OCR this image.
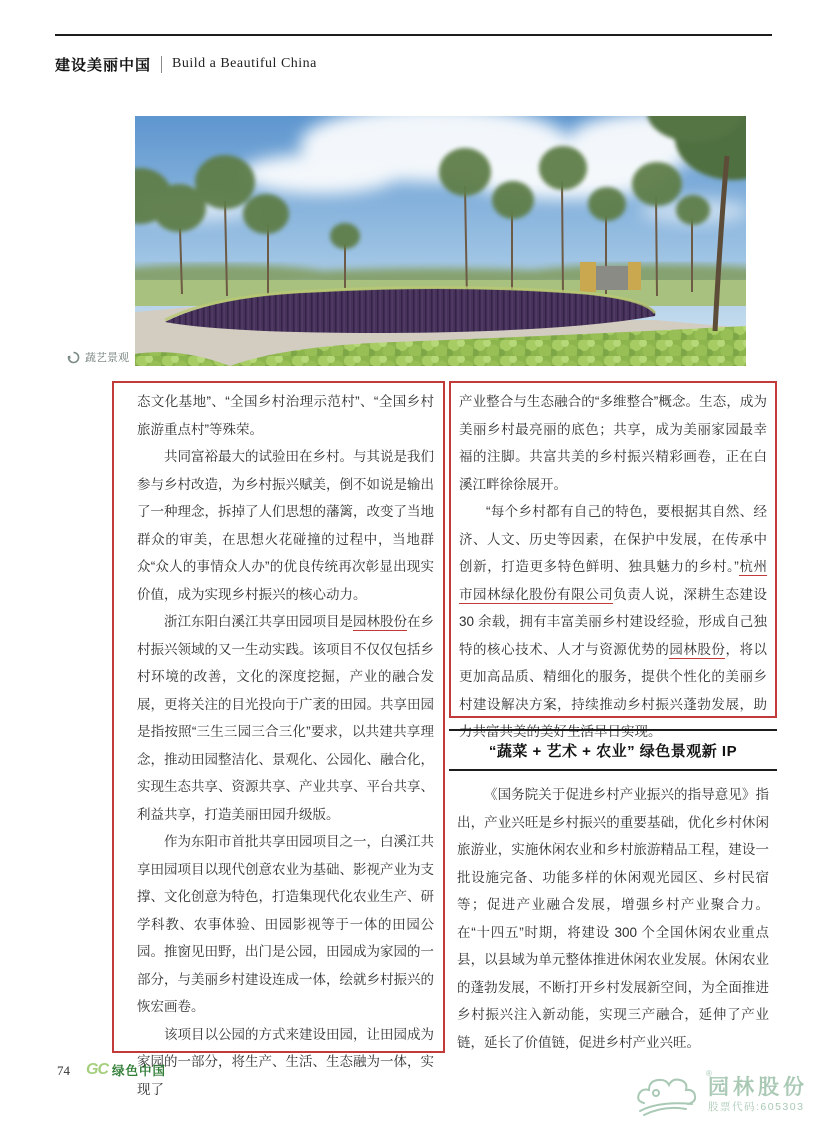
建设美丽中国 Build a Beautiful China
蔬艺景观
态文化基地”、“全国乡村治理示范村”、“全国乡村旅游重点村”等殊荣。
共同富裕最大的试验田在乡村。与其说是我们参与乡村改造，为乡村振兴赋美，倒不如说是输出了一种理念，拆掉了人们思想的藩篱，改变了当地群众的审美，在思想火花碰撞的过程中，当地群众“众人的事情众人办”的优良传统再次彰显出现实价值，成为实现乡村振兴的核心动力。
浙江东阳白溪江共享田园项目是园林股份在乡村振兴领域的又一生动实践。该项目不仅仅包括乡村环境的改善，文化的深度挖掘，产业的融合发展，更将关注的目光投向于广袤的田园。共享田园是指按照“三生三园三合三化”要求，以共建共享理念，推动田园整洁化、景观化、公园化、融合化，实现生态共享、资源共享、产业共享、平台共享、利益共享，打造美丽田园升级版。
作为东阳市首批共享田园项目之一，白溪江共享田园项目以现代创意农业为基础、影视产业为支撑、文化创意为特色，打造集现代化农业生产、研学科教、农事体验、田园影视等于一体的田园公园。推窗见田野，出门是公园，田园成为家园的一部分，与美丽乡村建设连成一体，绘就乡村振兴的恢宏画卷。
该项目以公园的方式来建设田园，让田园成为家园的一部分，将生产、生活、生态融为一体，实现了
产业整合与生态融合的“多维整合”概念。生态，成为美丽乡村最亮丽的底色；共享，成为美丽家园最幸福的注脚。共富共美的乡村振兴精彩画卷，正在白溪江畔徐徐展开。
“每个乡村都有自己的特色，要根据其自然、经济、人文、历史等因素，在保护中发展，在传承中创新，打造更多特色鲜明、独具魅力的乡村。”杭州市园林绿化股份有限公司负责人说，深耕生态建设 30 余载，拥有丰富美丽乡村建设经验，形成自己独特的核心技术、人才与资源优势的园林股份，将以更加高品质、精细化的服务，提供个性化的美丽乡村建设解决方案，持续推动乡村振兴蓬勃发展，助力共富共美的美好生活早日实现。
“蔬菜 + 艺术 + 农业” 绿色景观新 IP
《国务院关于促进乡村产业振兴的指导意见》指出，产业兴旺是乡村振兴的重要基础，优化乡村休闲旅游业，实施休闲农业和乡村旅游精品工程，建设一批设施完备、功能多样的休闲观光园区、乡村民宿等；促进产业融合发展，增强乡村产业聚合力。在“十四五”时期，将建设 300 个全国休闲农业重点县，以县域为单元整体推进休闲农业发展。休闲农业的蓬勃发展，不断打开乡村发展新空间，为全面推进乡村振兴注入新动能，实现三产融合，延伸了产业链，延长了价值链，促进乡村产业兴旺。
74 GC 绿色中国	®
园林股份
股票代码:605303
